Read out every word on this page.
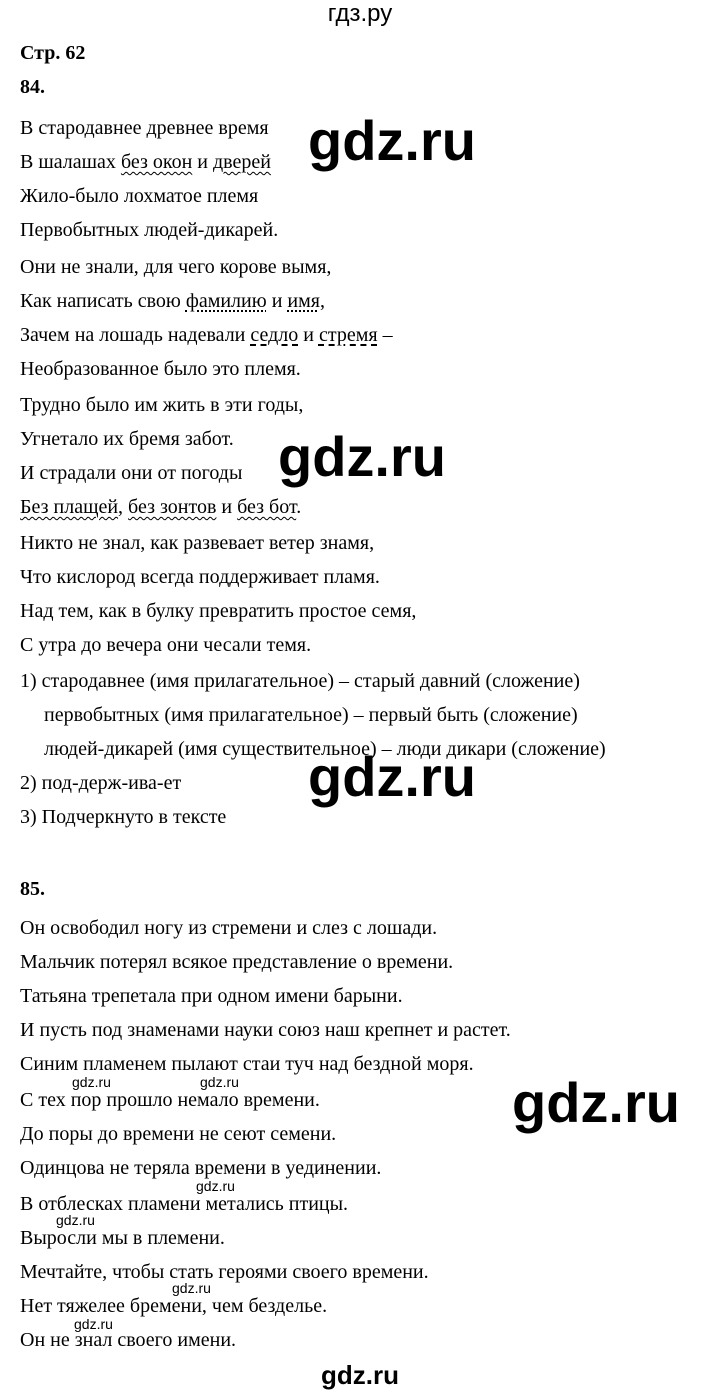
гдз.ру
Стр. 62
84.
В стародавнее древнее время
В шалашах без окон и дверей
Жило-было лохматое племя
Первобытных людей-дикарей.
Они не знали, для чего корове вымя,
Как написать свою фамилию и имя,
Зачем на лошадь надевали седло и стремя –
Необразованное было это племя.
Трудно было им жить в эти годы,
Угнетало их бремя забот.
И страдали они от погоды
Без плащей, без зонтов и без бот.
Никто не знал, как развевает ветер знамя,
Что кислород всегда поддерживает пламя.
Над тем, как в булку превратить простое семя,
С утра до вечера они чесали темя.
1) стародавнее (имя прилагательное) – старый давний (сложение)
первобытных (имя прилагательное) – первый быть (сложение)
людей-дикарей (имя существительное) – люди дикари (сложение)
2) под-держ-ива-ет
3) Подчеркнуто в тексте
85.
Он освободил ногу из стремени и слез с лошади.
Мальчик потерял всякое представление о времени.
Татьяна трепетала при одном имени барыни.
И пусть под знаменами науки союз наш крепнет и растет.
Синим пламенем пылают стаи туч над бездной моря.
С тех пор прошло немало времени.
До поры до времени не сеют семени.
Одинцова не теряла времени в уединении.
В отблесках пламени метались птицы.
Выросли мы в племени.
Мечтайте, чтобы стать героями своего времени.
Нет тяжелее бремени, чем безделье.
Он не знал своего имени.
gdz.ru
gdz.ru
gdz.ru
gdz.ru
gdz.ru	gdz.ru
gdz.ru
gdz.ru
gdz.ru
gdz.ru
gdz.ru
